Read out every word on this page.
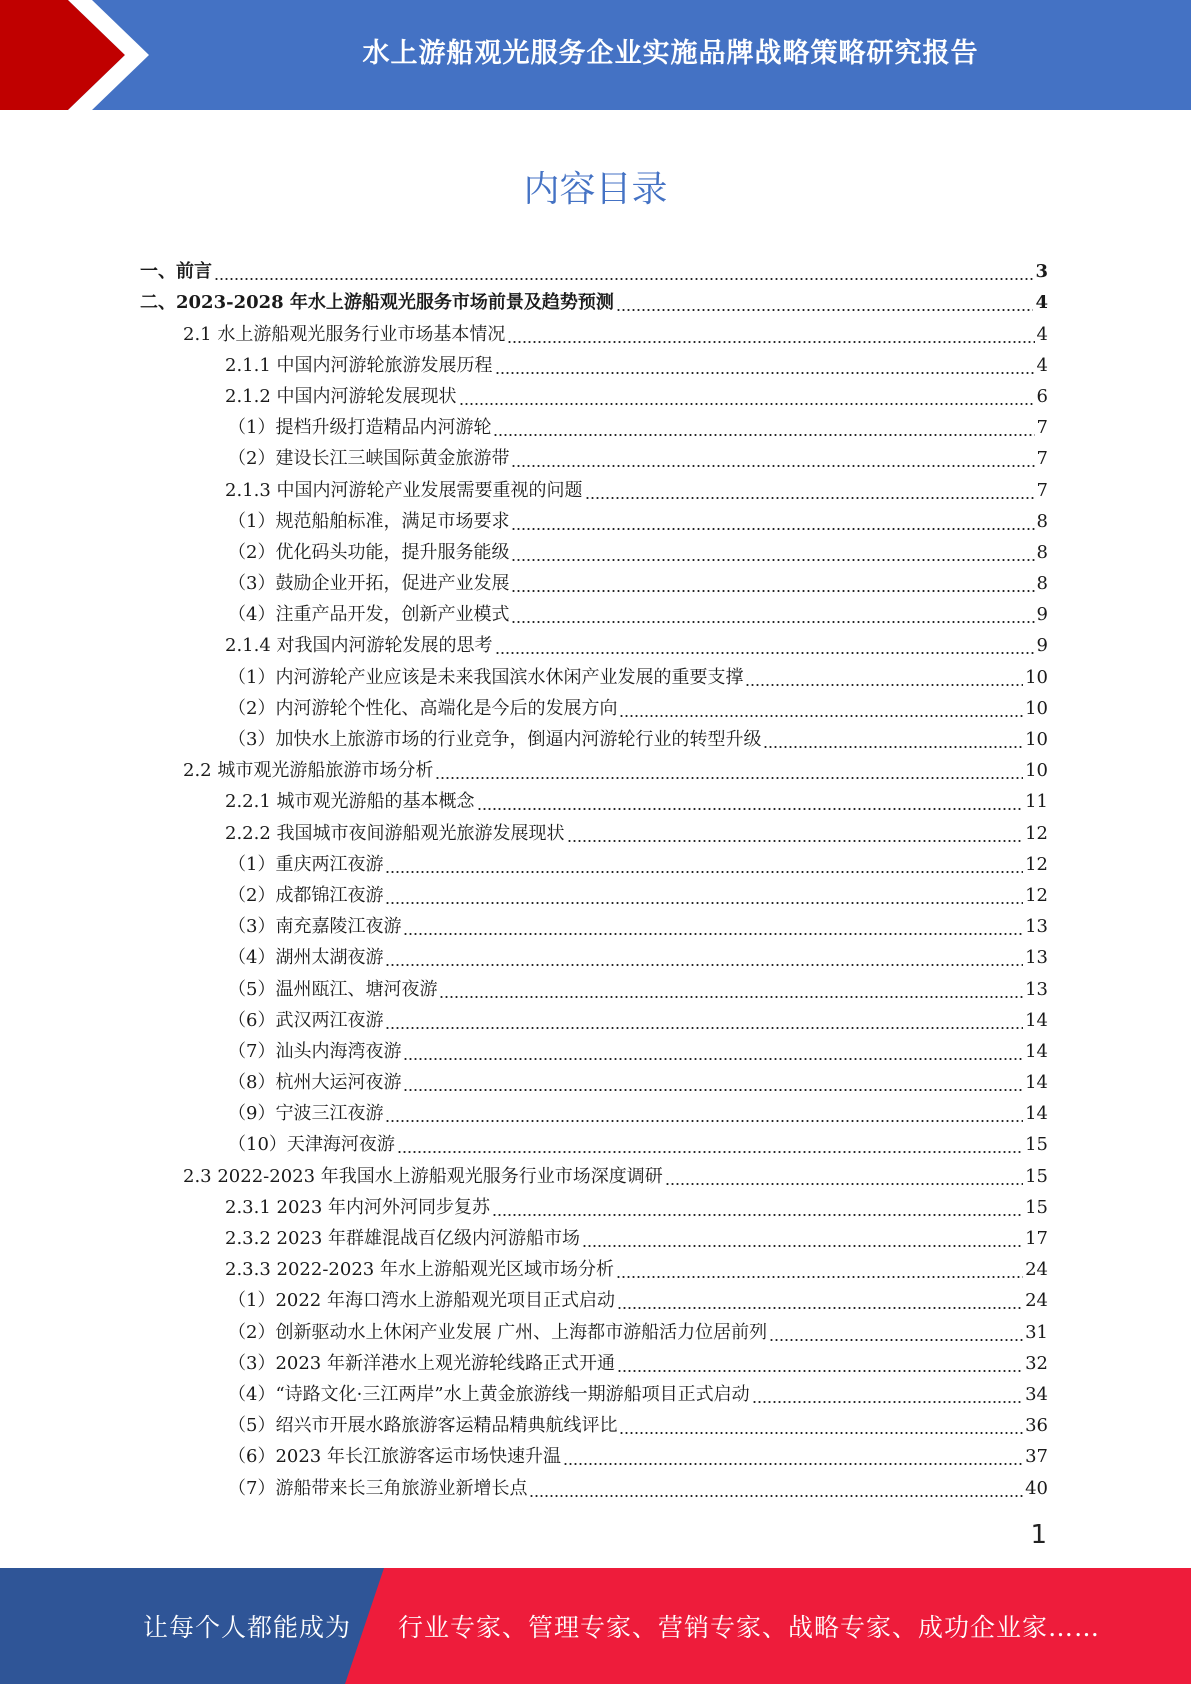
水上游船观光服务企业实施品牌战略策略研究报告
内容目录
一、前言	3
二、2023-2028 年水上游船观光服务市场前景及趋势预测	4
2.1 水上游船观光服务行业市场基本情况	4
2.1.1 中国内河游轮旅游发展历程	4
2.1.2 中国内河游轮发展现状	6
（1）提档升级打造精品内河游轮	7
（2）建设长江三峡国际黄金旅游带	7
2.1.3 中国内河游轮产业发展需要重视的问题	7
（1）规范船舶标准，满足市场要求	8
（2）优化码头功能，提升服务能级	8
（3）鼓励企业开拓，促进产业发展	8
（4）注重产品开发，创新产业模式	9
2.1.4 对我国内河游轮发展的思考	9
（1）内河游轮产业应该是未来我国滨水休闲产业发展的重要支撑	10
（2）内河游轮个性化、高端化是今后的发展方向	10
（3）加快水上旅游市场的行业竞争，倒逼内河游轮行业的转型升级	10
2.2 城市观光游船旅游市场分析	10
2.2.1 城市观光游船的基本概念	11
2.2.2 我国城市夜间游船观光旅游发展现状	12
（1）重庆两江夜游	12
（2）成都锦江夜游	12
（3）南充嘉陵江夜游	13
（4）湖州太湖夜游	13
（5）温州瓯江、塘河夜游	13
（6）武汉两江夜游	14
（7）汕头内海湾夜游	14
（8）杭州大运河夜游	14
（9）宁波三江夜游	14
（10）天津海河夜游	15
2.3 2022-2023 年我国水上游船观光服务行业市场深度调研	15
2.3.1 2023 年内河外河同步复苏	15
2.3.2 2023 年群雄混战百亿级内河游船市场	17
2.3.3 2022-2023 年水上游船观光区域市场分析	24
（1）2022 年海口湾水上游船观光项目正式启动	24
（2）创新驱动水上休闲产业发展 广州、上海都市游船活力位居前列	31
（3）2023 年新洋港水上观光游轮线路正式开通	32
（4）“诗路文化·三江两岸”水上黄金旅游线一期游船项目正式启动	34
（5）绍兴市开展水路旅游客运精品精典航线评比	36
（6）2023 年长江旅游客运市场快速升温	37
（7）游船带来长三角旅游业新增长点	40
1
让每个人都能成为 行业专家、管理专家、营销专家、战略专家、成功企业家……
